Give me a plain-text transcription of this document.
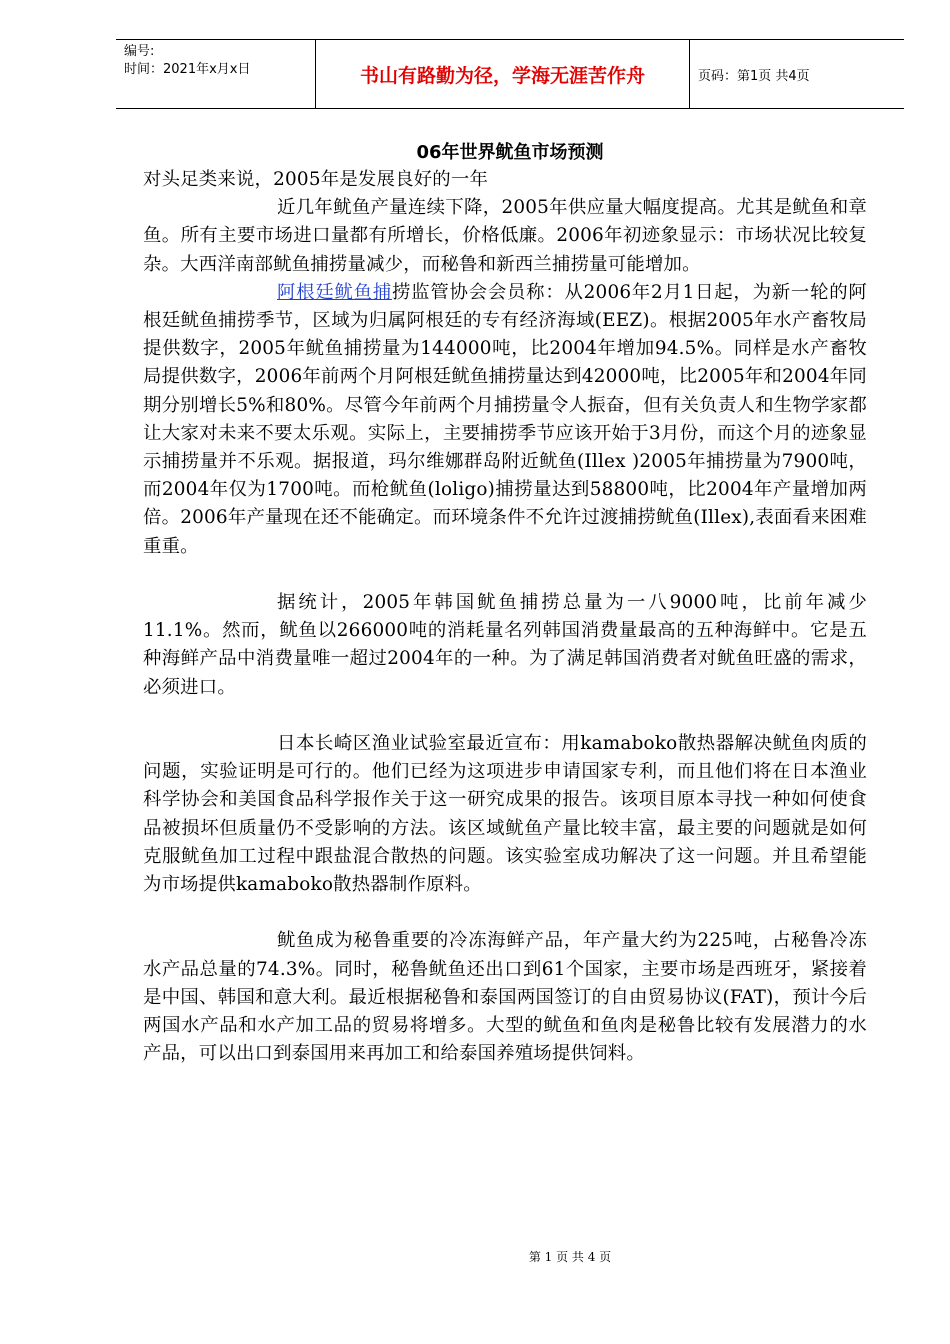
编号:
时间：2021年x月x日	书山有路勤为径，学海无涯苦作舟	页码：第1页 共4页
06年世界鱿鱼市场预测

对头足类来说，2005年是发展良好的一年

近几年鱿鱼产量连续下降，2005年供应量大幅度提高。尤其是鱿鱼和章鱼。所有主要市场进口量都有所增长，价格低廉。2006年初迹象显示：市场状况比较复杂。大西洋南部鱿鱼捕捞量减少，而秘鲁和新西兰捕捞量可能增加。

阿根廷鱿鱼捕捞监管协会会员称：从2006年2月1日起，为新一轮的阿根廷鱿鱼捕捞季节，区域为归属阿根廷的专有经济海域(EEZ)。根据2005年水产畜牧局提供数字，2005年鱿鱼捕捞量为144000吨，比2004年增加94.5%。同样是水产畜牧局提供数字，2006年前两个月阿根廷鱿鱼捕捞量达到42000吨，比2005年和2004年同期分别增长5%和80%。尽管今年前两个月捕捞量令人振奋，但有关负责人和生物学家都让大家对未来不要太乐观。实际上，主要捕捞季节应该开始于3月份，而这个月的迹象显示捕捞量并不乐观。据报道，玛尔维娜群岛附近鱿鱼(Illex )2005年捕捞量为7900吨，而2004年仅为1700吨。而枪鱿鱼(loligo)捕捞量达到58800吨，比2004年产量增加两倍。2006年产量现在还不能确定。而环境条件不允许过渡捕捞鱿鱼(Illex),表面看来困难重重。

据统计，2005年韩国鱿鱼捕捞总量为一八9000吨，比前年减少11.1%。然而，鱿鱼以266000吨的消耗量名列韩国消费量最高的五种海鲜中。它是五种海鲜产品中消费量唯一超过2004年的一种。为了满足韩国消费者对鱿鱼旺盛的需求，必须进口。

日本长崎区渔业试验室最近宣布：用kamaboko散热器解决鱿鱼肉质的问题，实验证明是可行的。他们已经为这项进步申请国家专利，而且他们将在日本渔业科学协会和美国食品科学报作关于这一研究成果的报告。该项目原本寻找一种如何使食品被损坏但质量仍不受影响的方法。该区域鱿鱼产量比较丰富，最主要的问题就是如何克服鱿鱼加工过程中跟盐混合散热的问题。该实验室成功解决了这一问题。并且希望能为市场提供kamaboko散热器制作原料。

鱿鱼成为秘鲁重要的冷冻海鲜产品，年产量大约为225吨，占秘鲁冷冻水产品总量的74.3%。同时，秘鲁鱿鱼还出口到61个国家，主要市场是西班牙，紧接着是中国、韩国和意大利。最近根据秘鲁和泰国两国签订的自由贸易协议(FAT)，预计今后两国水产品和水产加工品的贸易将增多。大型的鱿鱼和鱼肉是秘鲁比较有发展潜力的水产品，可以出口到泰国用来再加工和给泰国养殖场提供饲料。

第 1 页 共 4 页
